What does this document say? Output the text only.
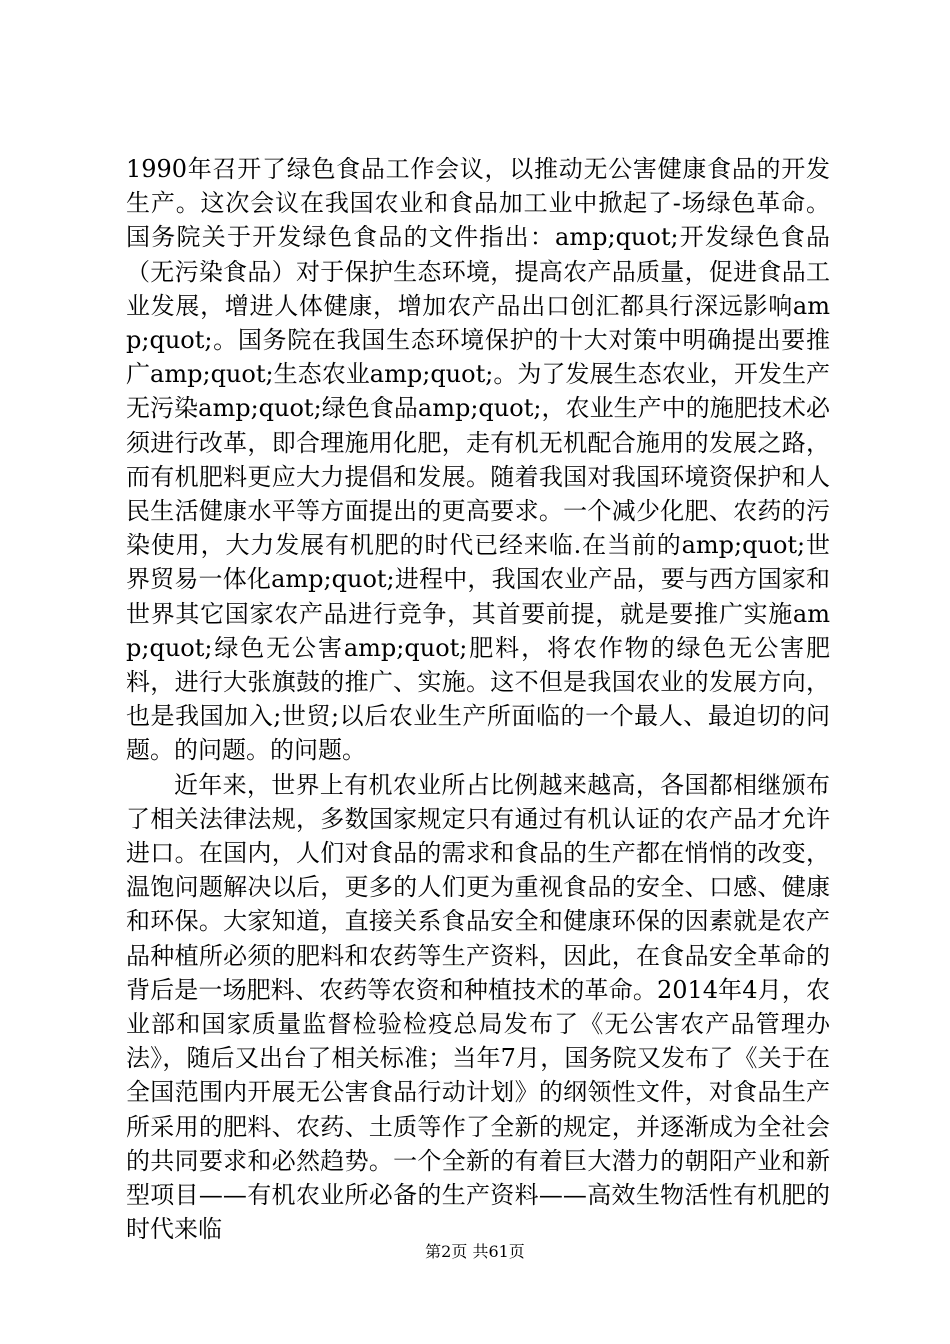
1990年召开了绿色食品工作会议，以推动无公害健康食品的开发生产。这次会议在我国农业和食品加工业中掀起了-场绿色革命。国务院关于开发绿色食品的文件指出：amp;quot;开发绿色食品（无污染食品）对于保护生态环境，提高农产品质量，促进食品工业发展，增进人体健康，增加农产品出口创汇都具行深远影响amp;quot;。国务院在我国生态环境保护的十大对策中明确提出要推广amp;quot;生态农业amp;quot;。为了发展生态农业，开发生产无污染amp;quot;绿色食品amp;quot;，农业生产中的施肥技术必须进行改革，即合理施用化肥，走有机无机配合施用的发展之路，而有机肥料更应大力提倡和发展。随着我国对我国环境资保护和人民生活健康水平等方面提出的更高要求。一个减少化肥、农药的污染使用，大力发展有机肥的时代已经来临.在当前的amp;quot;世界贸易一体化amp;quot;进程中，我国农业产品，要与西方国家和世界其它国家农产品进行竞争，其首要前提，就是要推广实施amp;quot;绿色无公害amp;quot;肥料，将农作物的绿色无公害肥料，进行大张旗鼓的推广、实施。这不但是我国农业的发展方向，也是我国加入;世贸;以后农业生产所面临的一个最人、最迫切的问题。的问题。的问题。

近年来，世界上有机农业所占比例越来越高，各国都相继颁布了相关法律法规，多数国家规定只有通过有机认证的农产品才允许进口。在国内，人们对食品的需求和食品的生产都在悄悄的改变，温饱问题解决以后，更多的人们更为重视食品的安全、口感、健康和环保。大家知道，直接关系食品安全和健康环保的因素就是农产品种植所必须的肥料和农药等生产资料，因此，在食品安全革命的背后是一场肥料、农药等农资和种植技术的革命。2014年4月，农业部和国家质量监督检验检疫总局发布了《无公害农产品管理办法》，随后又出台了相关标准；当年7月，国务院又发布了《关于在全国范围内开展无公害食品行动计划》的纲领性文件，对食品生产所采用的肥料、农药、土质等作了全新的规定，并逐渐成为全社会的共同要求和必然趋势。一个全新的有着巨大潜力的朝阳产业和新型项目——有机农业所必备的生产资料——高效生物活性有机肥的时代来临

第2页 共61页
